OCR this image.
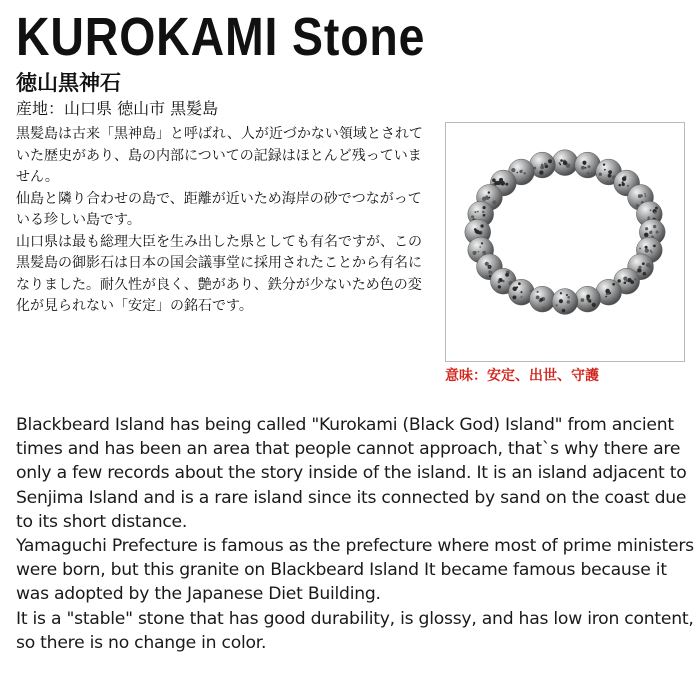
KUROKAMI Stone
徳山黒神石
産地：山口県 徳山市 黒髪島

黒髪島は古来「黒神島」と呼ばれ、人が近づかない領域とされていた歴史があり、島の内部についての記録はほとんど残っていません。

仙島と隣り合わせの島で、距離が近いため海岸の砂でつながっている珍しい島です。

山口県は最も総理大臣を生み出した県としても有名ですが、この黒髪島の御影石は日本の国会議事堂に採用されたことから有名になりました。耐久性が良く、艶があり、鉄分が少ないため色の変化が見られない「安定」の銘石です。

意味：安定、出世、守護

Blackbeard Island has being called "Kurokami (Black God) Island" from ancient times and has been an area that people cannot approach, that`s why there are only a few records about the story inside of the island. It is an island adjacent to Senjima Island and is a rare island since its connected by sand on the coast due to its short distance.

Yamaguchi Prefecture is famous as the prefecture where most of prime ministers were born, but this granite on Blackbeard Island It became famous because it was adopted by the Japanese Diet Building.

It is a "stable" stone that has good durability, is glossy, and has low iron content, so there is no change in color.
